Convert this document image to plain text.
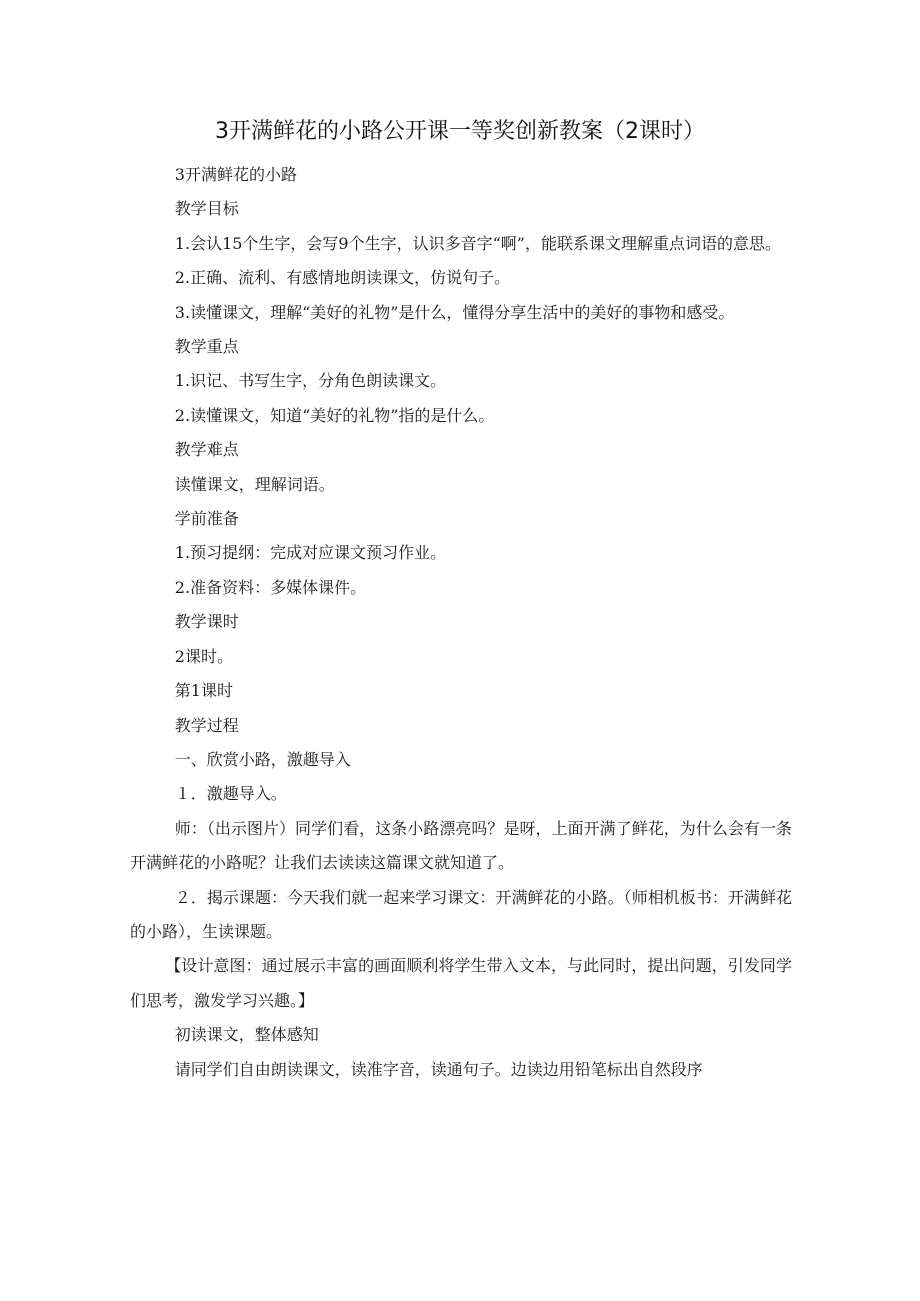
3开满鲜花的小路公开课一等奖创新教案（2课时）

3开满鲜花的小路

教学目标

1.会认15个生字，会写9个生字，认识多音字“啊”，能联系课文理解重点词语的意思。

2.正确、流利、有感情地朗读课文，仿说句子。

3.读懂课文，理解“美好的礼物”是什么，懂得分享生活中的美好的事物和感受。

教学重点

1.识记、书写生字，分角色朗读课文。

2.读懂课文，知道“美好的礼物”指的是什么。

教学难点

读懂课文，理解词语。

学前准备

1.预习提纲：完成对应课文预习作业。

2.准备资料：多媒体课件。

教学课时

2课时。

第1课时

教学过程

一、欣赏小路，激趣导入

１．激趣导入。

师：（出示图片）同学们看，这条小路漂亮吗？是呀，上面开满了鲜花，为什么会有一条开满鲜花的小路呢？让我们去读读这篇课文就知道了。

２．揭示课题：今天我们就一起来学习课文：开满鲜花的小路。（师相机板书：开满鲜花的小路），生读课题。

【设计意图：通过展示丰富的画面顺利将学生带入文本，与此同时，提出问题，引发同学们思考，激发学习兴趣。】

初读课文，整体感知

请同学们自由朗读课文，读准字音，读通句子。边读边用铅笔标出自然段序
